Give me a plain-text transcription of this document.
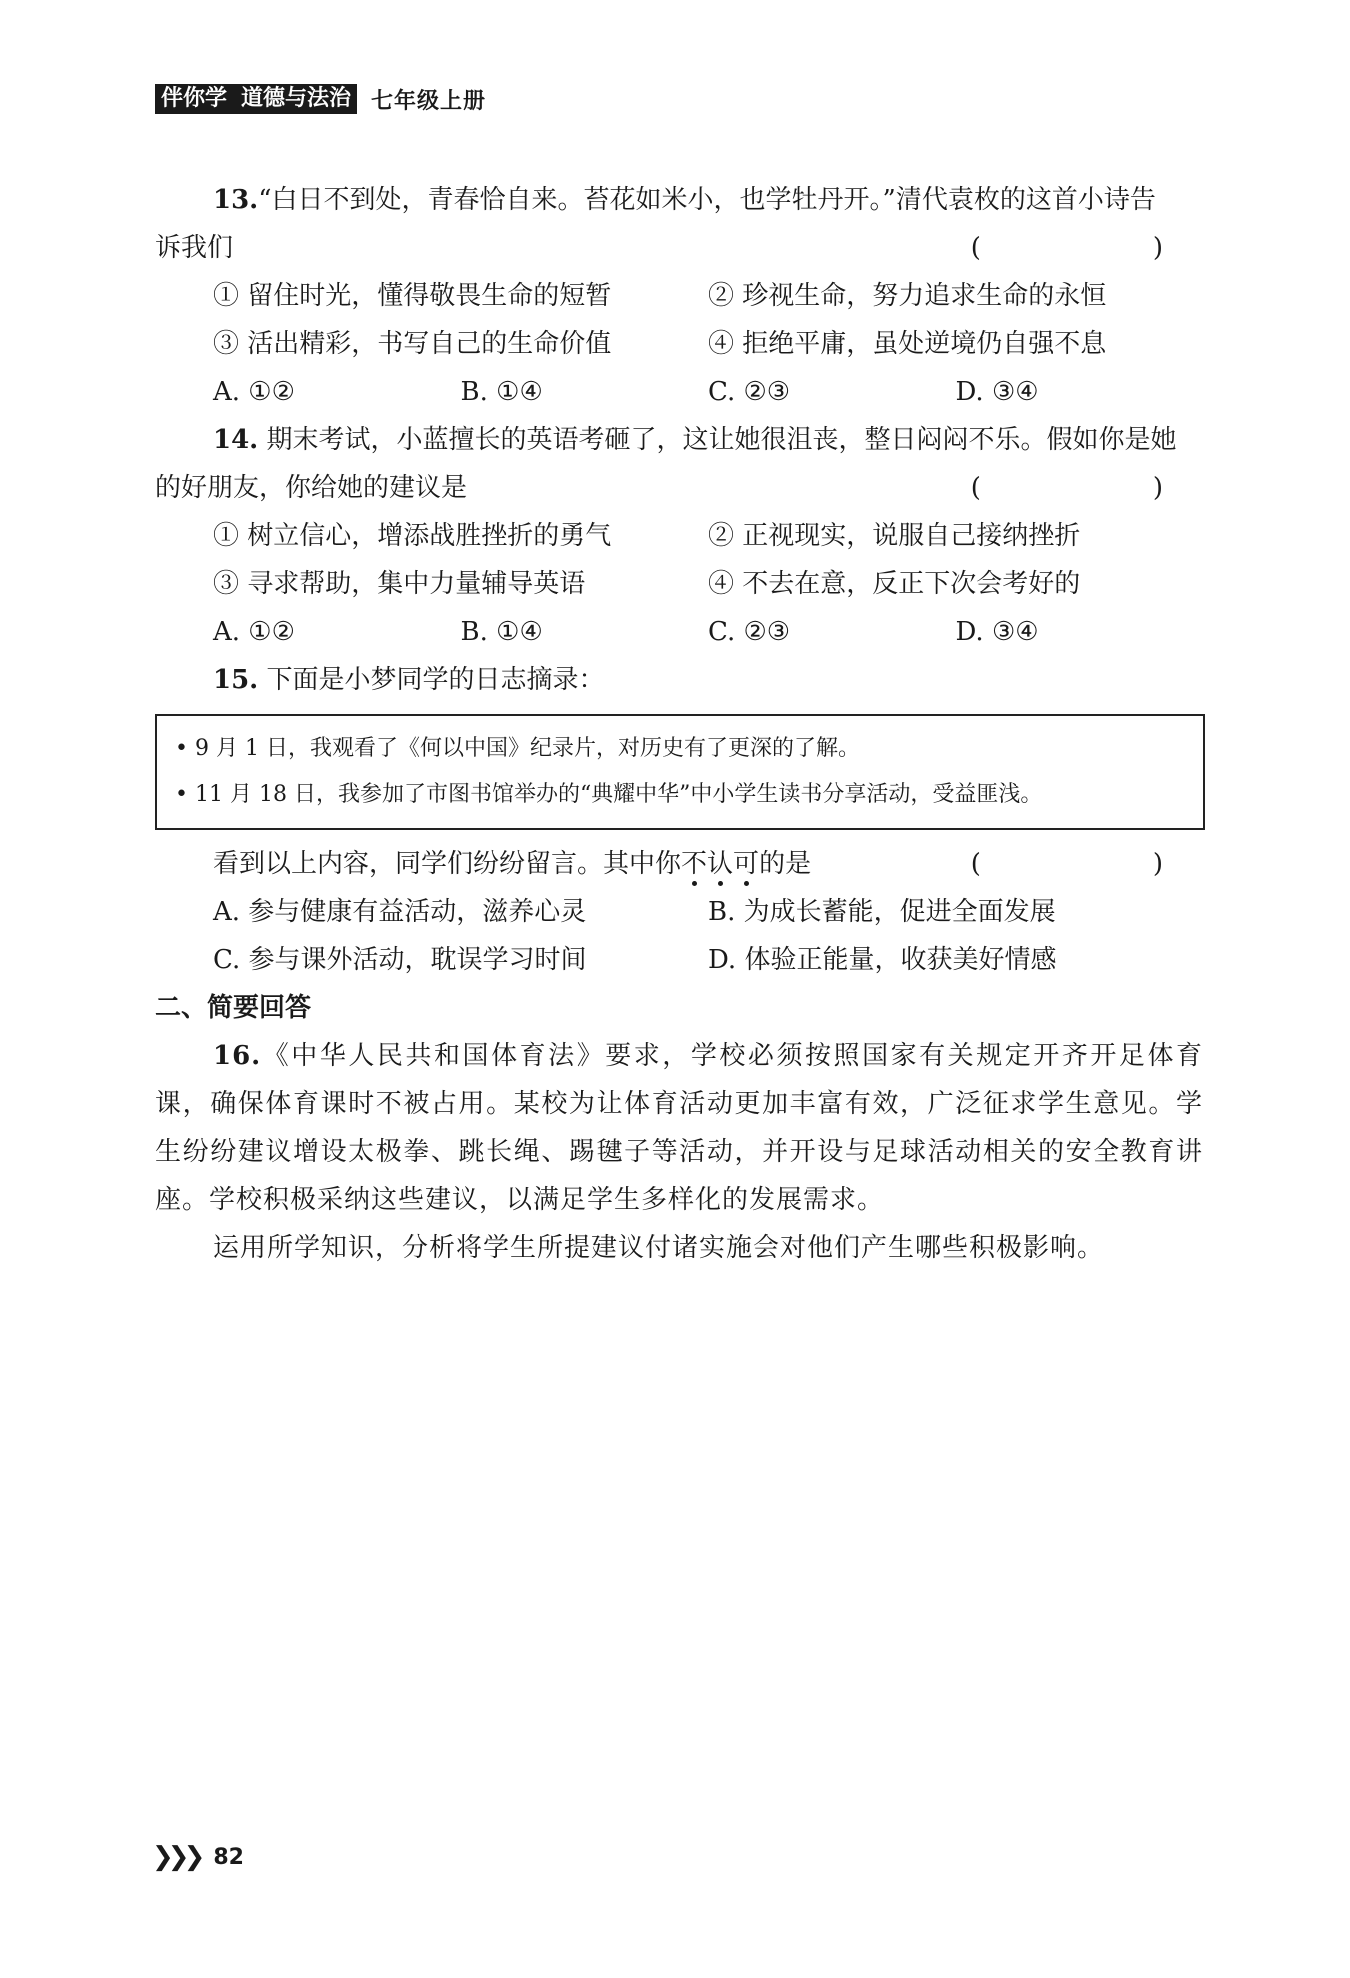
伴你学 道德与法治 七年级上册
13.“白日不到处，青春恰自来。苔花如米小，也学牡丹开。”清代袁枚的这首小诗告
诉我们	(　　)
① 留住时光，懂得敬畏生命的短暂	② 珍视生命，努力追求生命的永恒
③ 活出精彩，书写自己的生命价值	④ 拒绝平庸，虽处逆境仍自强不息
A. ①②	B. ①④	C. ②③	D. ③④
14. 期末考试，小蓝擅长的英语考砸了，这让她很沮丧，整日闷闷不乐。假如你是她
的好朋友，你给她的建议是	(　　)
① 树立信心，增添战胜挫折的勇气	② 正视现实，说服自己接纳挫折
③ 寻求帮助，集中力量辅导英语	④ 不去在意，反正下次会考好的
A. ①②	B. ①④	C. ②③	D. ③④
15. 下面是小梦同学的日志摘录：
• 9 月 1 日，我观看了《何以中国》纪录片，对历史有了更深的了解。
• 11 月 18 日，我参加了市图书馆举办的“典耀中华”中小学生读书分享活动，受益匪浅。
看到以上内容，同学们纷纷留言。其中你不认可的是	(　　)
A. 参与健康有益活动，滋养心灵	B. 为成长蓄能，促进全面发展
C. 参与课外活动，耽误学习时间	D. 体验正能量，收获美好情感
二、简要回答
16.《中华人民共和国体育法》要求，学校必须按照国家有关规定开齐开足体育课，确保体育课时不被占用。某校为让体育活动更加丰富有效，广泛征求学生意见。学生纷纷建议增设太极拳、跳长绳、踢毽子等活动，并开设与足球活动相关的安全教育讲座。学校积极采纳这些建议，以满足学生多样化的发展需求。
运用所学知识，分析将学生所提建议付诸实施会对他们产生哪些积极影响。
❯❯❯ 82
